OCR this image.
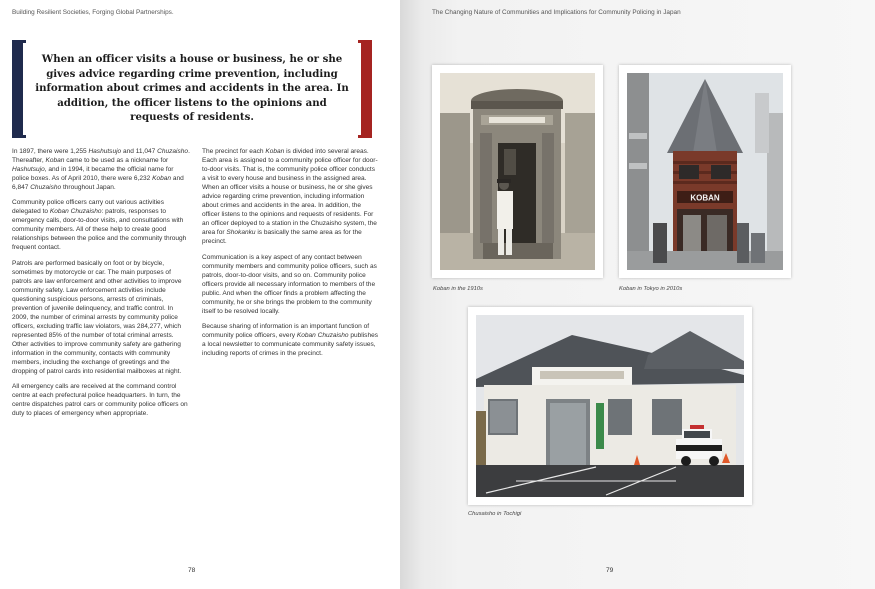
Building Resilient Societies, Forging Global Partnerships.

When an officer visits a house or business, he or she gives advice regarding crime prevention, including information about crimes and accidents in the area. In addition, the officer listens to the opinions and requests of residents.

In 1897, there were 1,255 Hashutsujo and 11,047 Chuzaisho. Thereafter, Koban came to be used as a nickname for Hashutsujo, and in 1994, it became the official name for police boxes. As of April 2010, there were 6,232 Koban and 6,847 Chuzaisho throughout Japan.

Community police officers carry out various activities delegated to Koban Chuzaisho: patrols, responses to emergency calls, door-to-door visits, and consultations with community members. All of these help to create good relationships between the police and the community through frequent contact.

Patrols are performed basically on foot or by bicycle, sometimes by motorcycle or car. The main purposes of patrols are law enforcement and other activities to improve community safety. Law enforcement activities include questioning suspicious persons, arrests of criminals, prevention of juvenile delinquency, and traffic control. In 2009, the number of criminal arrests by community police officers, excluding traffic law violators, was 284,277, which represented 85% of the number of total criminal arrests. Other activities to improve community safety are gathering information in the community, contacts with community members, including the exchange of greetings and the dropping of patrol cards into residential mailboxes at night.

All emergency calls are received at the command control centre at each prefectural police headquarters. In turn, the centre dispatches patrol cars or community police officers on duty to places of emergency when appropriate.

The precinct for each Koban is divided into several areas. Each area is assigned to a community police officer for door-to-door visits. That is, the community police officer conducts a visit to every house and business in the assigned area. When an officer visits a house or business, he or she gives advice regarding crime prevention, including information about crimes and accidents in the area. In addition, the officer listens to the opinions and requests of residents. For an officer deployed to a station in the Chuzaisho system, the area for Shokanku is basically the same area as for the precinct.

Communication is a key aspect of any contact between community members and community police officers, such as patrols, door-to-door visits, and so on. Community police officers provide all necessary information to members of the public. And when the officer finds a problem affecting the community, he or she brings the problem to the community itself to be resolved locally.

Because sharing of information is an important function of community police officers, every Koban Chuzaisho publishes a local newsletter to communicate community safety issues, including reports of crimes in the precinct.

78
The Changing Nature of Communities and Implications for Community Policing in Japan
Koban in the 1910s
KOBAN
Koban in Tokyo in 2010s
Chusaisho in Tochigi
79
